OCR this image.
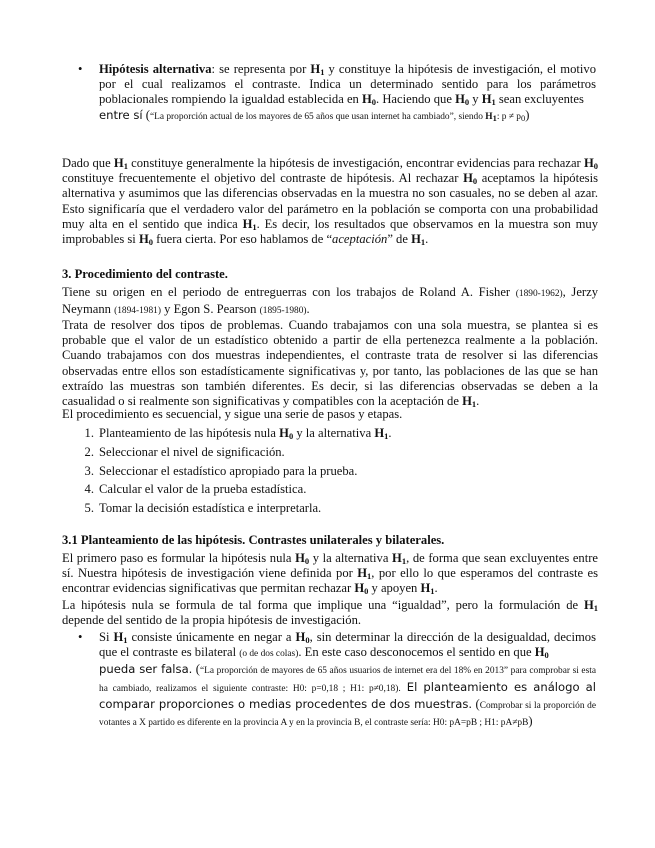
• Hipótesis alternativa: se representa por $H_1$ y constituye la hipótesis de investigación, el motivo por el cual realizamos el contraste. Indica un determinado sentido para los parámetros poblacionales rompiendo la igualdad establecida en $H_0$. Haciendo que $H_0$ y $H_1$ sean excluyentes
entre sí (“La proporción actual de los mayores de 65 años que usan internet ha cambiado”, siendo H1: p ≠ p0)

Dado que $H_1$ constituye generalmente la hipótesis de investigación, encontrar evidencias para rechazar $H_0$ constituye frecuentemente el objetivo del contraste de hipótesis. Al rechazar $H_0$ aceptamos la hipótesis alternativa y asumimos que las diferencias observadas en la muestra no son casuales, no se deben al azar. Esto significaría que el verdadero valor del parámetro en la población se comporta con una probabilidad muy alta en el sentido que indica $H_1$. Es decir, los resultados que observamos en la muestra son muy improbables si $H_0$ fuera cierta. Por eso hablamos de “aceptación” de $H_1$.

3. Procedimiento del contraste.

Tiene su origen en el periodo de entreguerras con los trabajos de Roland A. Fisher (1890-1962), Jerzy Neymann (1894-1981) y Egon S. Pearson (1895-1980).

Trata de resolver dos tipos de problemas. Cuando trabajamos con una sola muestra, se plantea si es probable que el valor de un estadístico obtenido a partir de ella pertenezca realmente a la población. Cuando trabajamos con dos muestras independientes, el contraste trata de resolver si las diferencias observadas entre ellos son estadísticamente significativas y, por tanto, las poblaciones de las que se han extraído las muestras son también diferentes. Es decir, si las diferencias observadas se deben a la casualidad o si realmente son significativas y compatibles con la aceptación de $H_1$.

El procedimiento es secuencial, y sigue una serie de pasos y etapas.

1. Planteamiento de las hipótesis nula $H_0$ y la alternativa $H_1$.
2. Seleccionar el nivel de significación.
3. Seleccionar el estadístico apropiado para la prueba.
4. Calcular el valor de la prueba estadística.
5. Tomar la decisión estadística e interpretarla.
3.1 Planteamiento de las hipótesis. Contrastes unilaterales y bilaterales.

El primero paso es formular la hipótesis nula $H_0$ y la alternativa $H_1$, de forma que sean excluyentes entre sí. Nuestra hipótesis de investigación viene definida por $H_1$, por ello lo que esperamos del contraste es encontrar evidencias significativas que permitan rechazar $H_0$ y apoyen $H_1$.

La hipótesis nula se formula de tal forma que implique una “igualdad”, pero la formulación de $H_1$ depende del sentido de la propia hipótesis de investigación.

• Si $H_1$ consiste únicamente en negar a $H_0$, sin determinar la dirección de la desigualdad, decimos que el contraste es bilateral (o de dos colas). En este caso desconocemos el sentido en que $H_0$
pueda ser falsa. (“La proporción de mayores de 65 años usuarios de internet era del 18% en 2013” para comprobar si esta ha cambiado, realizamos el siguiente contraste: H0: p=0,18 ; H1: p≠0,18). El planteamiento es análogo al comparar proporciones o medias procedentes de dos muestras. (Comprobar si la proporción de votantes a X partido es diferente en la provincia A y en la provincia B, el contraste sería: H0: pA=pB ; H1: pA≠pB)
